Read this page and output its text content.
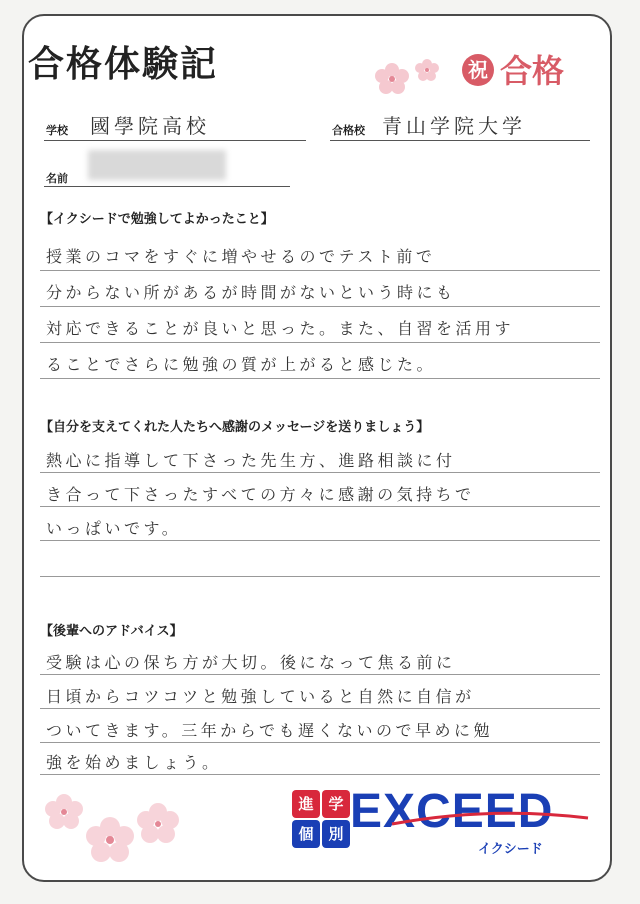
合格体験記	祝 合格
学校 國學院高校	合格校 青山学院大学
名前
【イクシードで勉強してよかったこと】
授業のコマをすぐに増やせるのでテスト前で
分からない所があるが時間がないという時にも
対応できることが良いと思った。また、自習を活用す
ることでさらに勉強の質が上がると感じた。
【自分を支えてくれた人たちへ感謝のメッセージを送りましょう】
熱心に指導して下さった先生方、進路相談に付
き合って下さったすべての方々に感謝の気持ちで
いっぱいです。
【後輩へのアドバイス】
受験は心の保ち方が大切。後になって焦る前に
日頃からコツコツと勉強していると自然に自信が
ついてきます。三年からでも遅くないので早めに勉
強を始めましょう。
進 学
個 別 EXCEED
イクシード
